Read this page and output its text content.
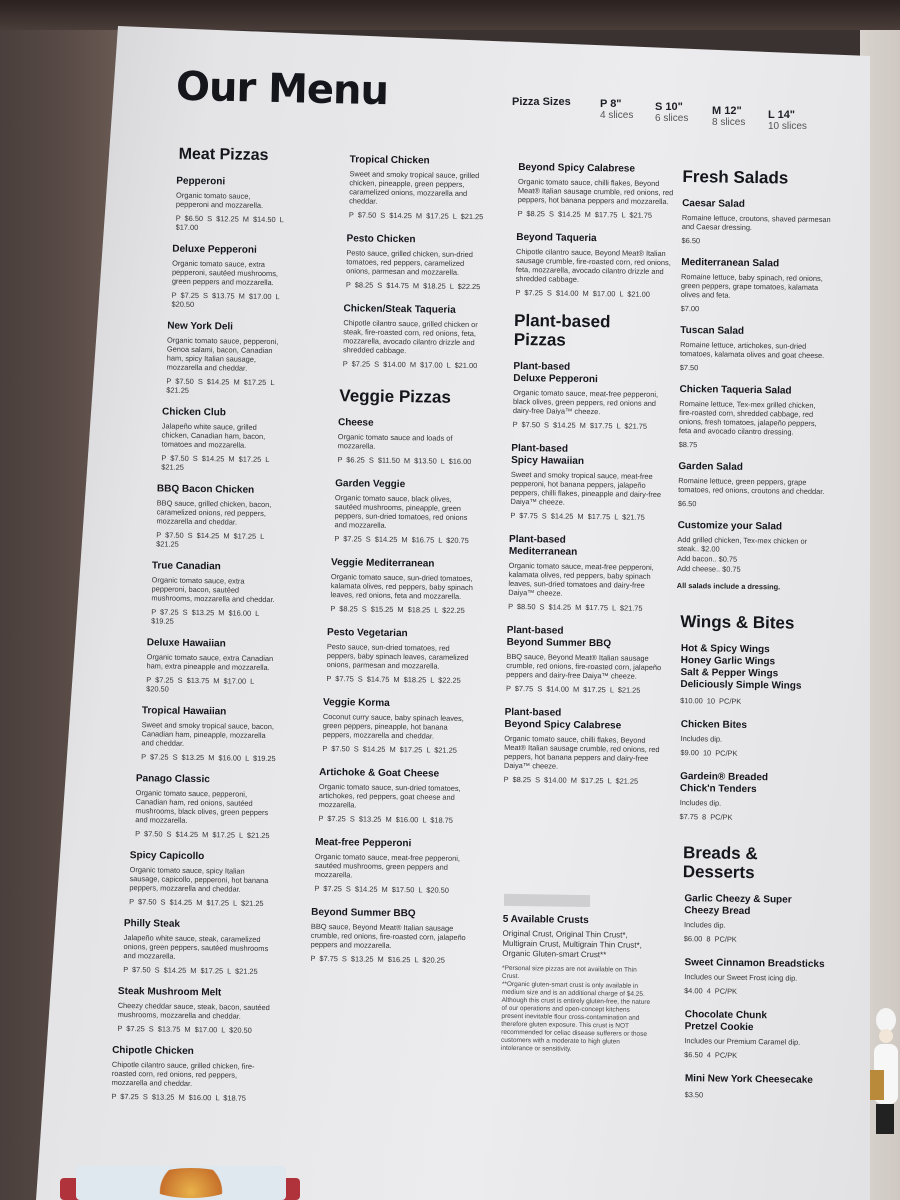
Our Menu	Pizza Sizes	P 8"
4 slices
S 10"
6 slices
M 12"
8 slices
L 14"
10 slices
Meat Pizzas
Pepperoni
Organic tomato sauce, pepperoni and mozzarella.
P $6.50 S $12.25 M $14.50 L $17.00
Deluxe Pepperoni
Organic tomato sauce, extra pepperoni, sautéed mushrooms, green peppers and mozzarella.
P $7.25 S $13.75 M $17.00 L $20.50
New York Deli
Organic tomato sauce, pepperoni, Genoa salami, bacon, Canadian ham, spicy Italian sausage, mozzarella and cheddar.
P $7.50 S $14.25 M $17.25 L $21.25
Chicken Club
Jalapeño white sauce, grilled chicken, Canadian ham, bacon, tomatoes and mozzarella.
P $7.50 S $14.25 M $17.25 L $21.25
BBQ Bacon Chicken
BBQ sauce, grilled chicken, bacon, caramelized onions, red peppers, mozzarella and cheddar.
P $7.50 S $14.25 M $17.25 L $21.25
True Canadian
Organic tomato sauce, extra pepperoni, bacon, sautéed mushrooms, mozzarella and cheddar.
P $7.25 S $13.25 M $16.00 L $19.25
Deluxe Hawaiian
Organic tomato sauce, extra Canadian ham, extra pineapple and mozzarella.
P $7.25 S $13.75 M $17.00 L $20.50
Tropical Hawaiian
Sweet and smoky tropical sauce, bacon, Canadian ham, pineapple, mozzarella and cheddar.
P $7.25 S $13.25 M $16.00 L $19.25
Panago Classic
Organic tomato sauce, pepperoni, Canadian ham, red onions, sautéed mushrooms, black olives, green peppers and mozzarella.
P $7.50 S $14.25 M $17.25 L $21.25
Spicy Capicollo
Organic tomato sauce, spicy Italian sausage, capicollo, pepperoni, hot banana peppers, mozzarella and cheddar.
P $7.50 S $14.25 M $17.25 L $21.25
Philly Steak
Jalapeño white sauce, steak, caramelized onions, green peppers, sautéed mushrooms and mozzarella.
P $7.50 S $14.25 M $17.25 L $21.25
Steak Mushroom Melt
Cheezy cheddar sauce, steak, bacon, sautéed mushrooms, mozzarella and cheddar.
P $7.25 S $13.75 M $17.00 L $20.50
Chipotle Chicken
Chipotle cilantro sauce, grilled chicken, fire-roasted corn, red onions, red peppers, mozzarella and cheddar.
P $7.25 S $13.25 M $16.00 L $18.75
Tropical Chicken
Sweet and smoky tropical sauce, grilled chicken, pineapple, green peppers, caramelized onions, mozzarella and cheddar.
P $7.50 S $14.25 M $17.25 L $21.25
Pesto Chicken
Pesto sauce, grilled chicken, sun-dried tomatoes, red peppers, caramelized onions, parmesan and mozzarella.
P $8.25 S $14.75 M $18.25 L $22.25
Chicken/Steak Taqueria
Chipotle cilantro sauce, grilled chicken or steak, fire-roasted corn, red onions, feta, mozzarella, avocado cilantro drizzle and shredded cabbage.
P $7.25 S $14.00 M $17.00 L $21.00
Veggie Pizzas
Cheese
Organic tomato sauce and loads of mozzarella.
P $6.25 S $11.50 M $13.50 L $16.00
Garden Veggie
Organic tomato sauce, black olives, sautéed mushrooms, pineapple, green peppers, sun-dried tomatoes, red onions and mozzarella.
P $7.25 S $14.25 M $16.75 L $20.75
Veggie Mediterranean
Organic tomato sauce, sun-dried tomatoes, kalamata olives, red peppers, baby spinach leaves, red onions, feta and mozzarella.
P $8.25 S $15.25 M $18.25 L $22.25
Pesto Vegetarian
Pesto sauce, sun-dried tomatoes, red peppers, baby spinach leaves, caramelized onions, parmesan and mozzarella.
P $7.75 S $14.75 M $18.25 L $22.25
Veggie Korma
Coconut curry sauce, baby spinach leaves, green peppers, pineapple, hot banana peppers, mozzarella and cheddar.
P $7.50 S $14.25 M $17.25 L $21.25
Artichoke & Goat Cheese
Organic tomato sauce, sun-dried tomatoes, artichokes, red peppers, goat cheese and mozzarella.
P $7.25 S $13.25 M $16.00 L $18.75
Meat-free Pepperoni
Organic tomato sauce, meat-free pepperoni, sautéed mushrooms, green peppers and mozzarella.
P $7.25 S $14.25 M $17.50 L $20.50
Beyond Summer BBQ
BBQ sauce, Beyond Meat® Italian sausage crumble, red onions, fire-roasted corn, jalapeño peppers and mozzarella.
P $7.75 S $13.25 M $16.25 L $20.25
Beyond Spicy Calabrese
Organic tomato sauce, chilli flakes, Beyond Meat® Italian sausage crumble, red onions, red peppers, hot banana peppers and mozzarella.
P $8.25 S $14.25 M $17.75 L $21.75
Beyond Taqueria
Chipotle cilantro sauce, Beyond Meat® Italian sausage crumble, fire-roasted corn, red onions, feta, mozzarella, avocado cilantro drizzle and shredded cabbage.
P $7.25 S $14.00 M $17.00 L $21.00
Plant-based
Pizzas
Plant-based
Deluxe Pepperoni
Organic tomato sauce, meat-free pepperoni, black olives, green peppers, red onions and dairy-free Daiya™ cheeze.
P $7.50 S $14.25 M $17.75 L $21.75
Plant-based
Spicy Hawaiian
Sweet and smoky tropical sauce, meat-free pepperoni, hot banana peppers, jalapeño peppers, chilli flakes, pineapple and dairy-free Daiya™ cheeze.
P $7.75 S $14.25 M $17.75 L $21.75
Plant-based
Mediterranean
Organic tomato sauce, meat-free pepperoni, kalamata olives, red peppers, baby spinach leaves, sun-dried tomatoes and dairy-free Daiya™ cheeze.
P $8.50 S $14.25 M $17.75 L $21.75
Plant-based
Beyond Summer BBQ
BBQ sauce, Beyond Meat® Italian sausage crumble, red onions, fire-roasted corn, jalapeño peppers and dairy-free Daiya™ cheeze.
P $7.75 S $14.00 M $17.25 L $21.25
Plant-based
Beyond Spicy Calabrese
Organic tomato sauce, chilli flakes, Beyond Meat® Italian sausage crumble, red onions, red peppers, hot banana peppers and dairy-free Daiya™ cheeze.
P $8.25 S $14.00 M $17.25 L $21.25
5 Available Crusts
Original Crust, Original Thin Crust*, Multigrain Crust, Multigrain Thin Crust*, Organic Gluten-smart Crust**
*Personal size pizzas are not available on Thin Crust.
**Organic gluten-smart crust is only available in medium size and is an additional charge of $4.25. Although this crust is entirely gluten-free, the nature of our operations and open-concept kitchens present inevitable flour cross-contamination and therefore gluten exposure. This crust is NOT recommended for celiac disease sufferers or those customers with a moderate to high gluten intolerance or sensitivity.
Fresh Salads
Caesar Salad
Romaine lettuce, croutons, shaved parmesan and Caesar dressing.
$6.50
Mediterranean Salad
Romaine lettuce, baby spinach, red onions, green peppers, grape tomatoes, kalamata olives and feta.
$7.00
Tuscan Salad
Romaine lettuce, artichokes, sun-dried tomatoes, kalamata olives and goat cheese.
$7.50
Chicken Taqueria Salad
Romaine lettuce, Tex-mex grilled chicken, fire-roasted corn, shredded cabbage, red onions, fresh tomatoes, jalapeño peppers, feta and avocado cilantro dressing.
$8.75
Garden Salad
Romaine lettuce, green peppers, grape tomatoes, red onions, croutons and cheddar.
$6.50
Customize your Salad
Add grilled chicken, Tex-mex chicken or steak.. $2.00
Add bacon.. $0.75
Add cheese.. $0.75
All salads include a dressing.
Wings & Bites
Hot & Spicy Wings
Honey Garlic Wings
Salt & Pepper Wings
Deliciously Simple Wings
$10.00 10 PC/PK
Chicken Bites
Includes dip.
$9.00 10 PC/PK
Gardein® Breaded Chick'n Tenders
Includes dip.
$7.75 8 PC/PK
Breads &
Desserts
Garlic Cheezy & Super Cheezy Bread
Includes dip.
$6.00 8 PC/PK
Sweet Cinnamon Breadsticks
Includes our Sweet Frost icing dip.
$4.00 4 PC/PK
Chocolate Chunk Pretzel Cookie
Includes our Premium Caramel dip.
$6.50 4 PC/PK
Mini New York Cheesecake
$3.50
